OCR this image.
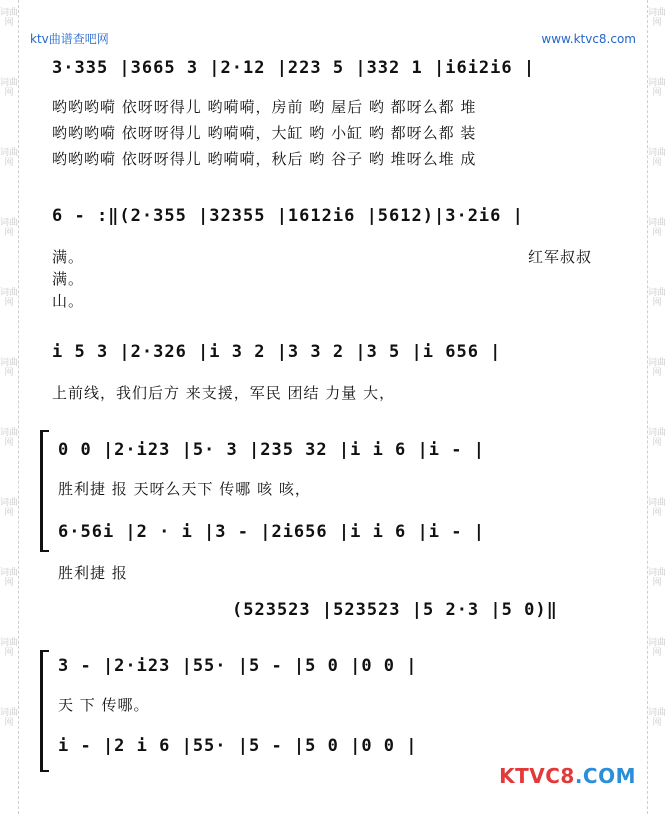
词曲网
词曲网
词曲网
词曲网
词曲网
词曲网
词曲网
词曲网
词曲网
词曲网
词曲网
词曲网
词曲网
词曲网
词曲网
词曲网
词曲网
词曲网
词曲网
词曲网
词曲网
词曲网
ktv曲谱查吧网	www.ktvc8.com
3·335 |3665 3 |2·12 |223 5 |332 1 |i6i2i6 |
哟哟哟嗬 依呀呀得儿 哟嗬嗬，房前 哟 屋后 哟 都呀么都 堆
哟哟哟嗬 依呀呀得儿 哟嗬嗬，大缸 哟 小缸 哟 都呀么都 装
哟哟哟嗬 依呀呀得儿 哟嗬嗬，秋后 哟 谷子 哟 堆呀么堆 成
6 - :‖(2·355 |32355 |1612i6 |5612)|3·2i6 |
满。
满。
山。
红军叔叔
i 5 3 |2·326 |i 3 2 |3 3 2 |3 5 |i 656 |
上前线，我们后方 来支援，军民 团结 力量 大，
0 0 |2·i23 |5· 3 |235 32 |i i 6 |i - |
胜利捷 报 天呀么天下 传哪 咳 咳，
6·56i |2 · i |3 - |2i656 |i i 6 |i - |
胜利捷 报
(523523 |523523 |5 2·3 |5 0)‖
3 - |2·i23 |55· |5 - |5 0 |0 0 |
天 下 传哪。
i - |2 i 6 |55· |5 - |5 0 |0 0 |
KTVC8.COM
